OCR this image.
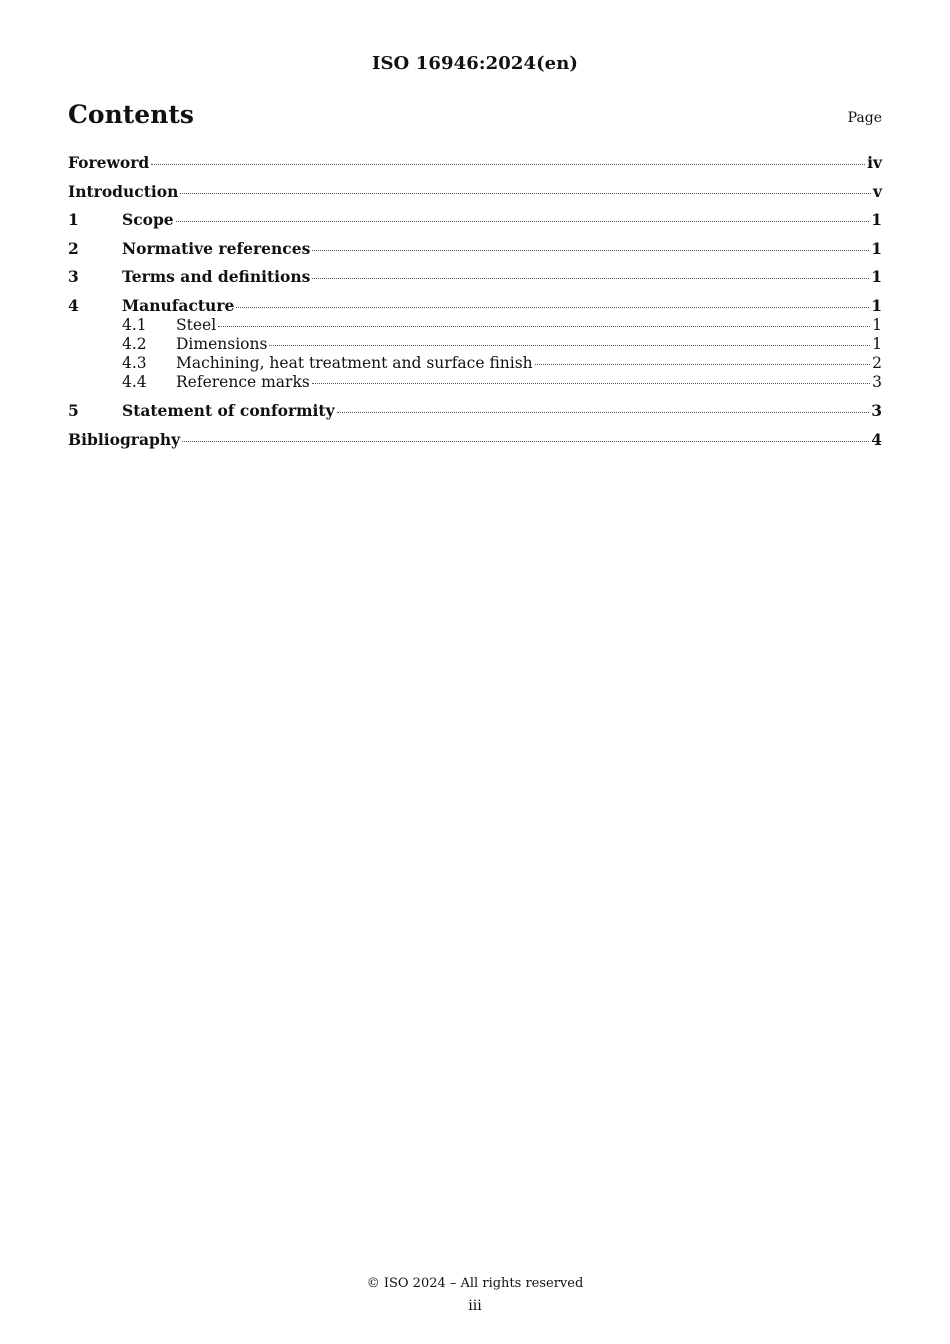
ISO 16946:2024(en)
Contents	Page
Foreword	iv
Introduction	v
1	Scope	1
2	Normative references	1
3	Terms and definitions	1
4	Manufacture	1
4.1	Steel	1
4.2	Dimensions	1
4.3	Machining, heat treatment and surface finish	2
4.4	Reference marks	3
5	Statement of conformity	3
Bibliography	4
© ISO 2024 – All rights reserved
iii
